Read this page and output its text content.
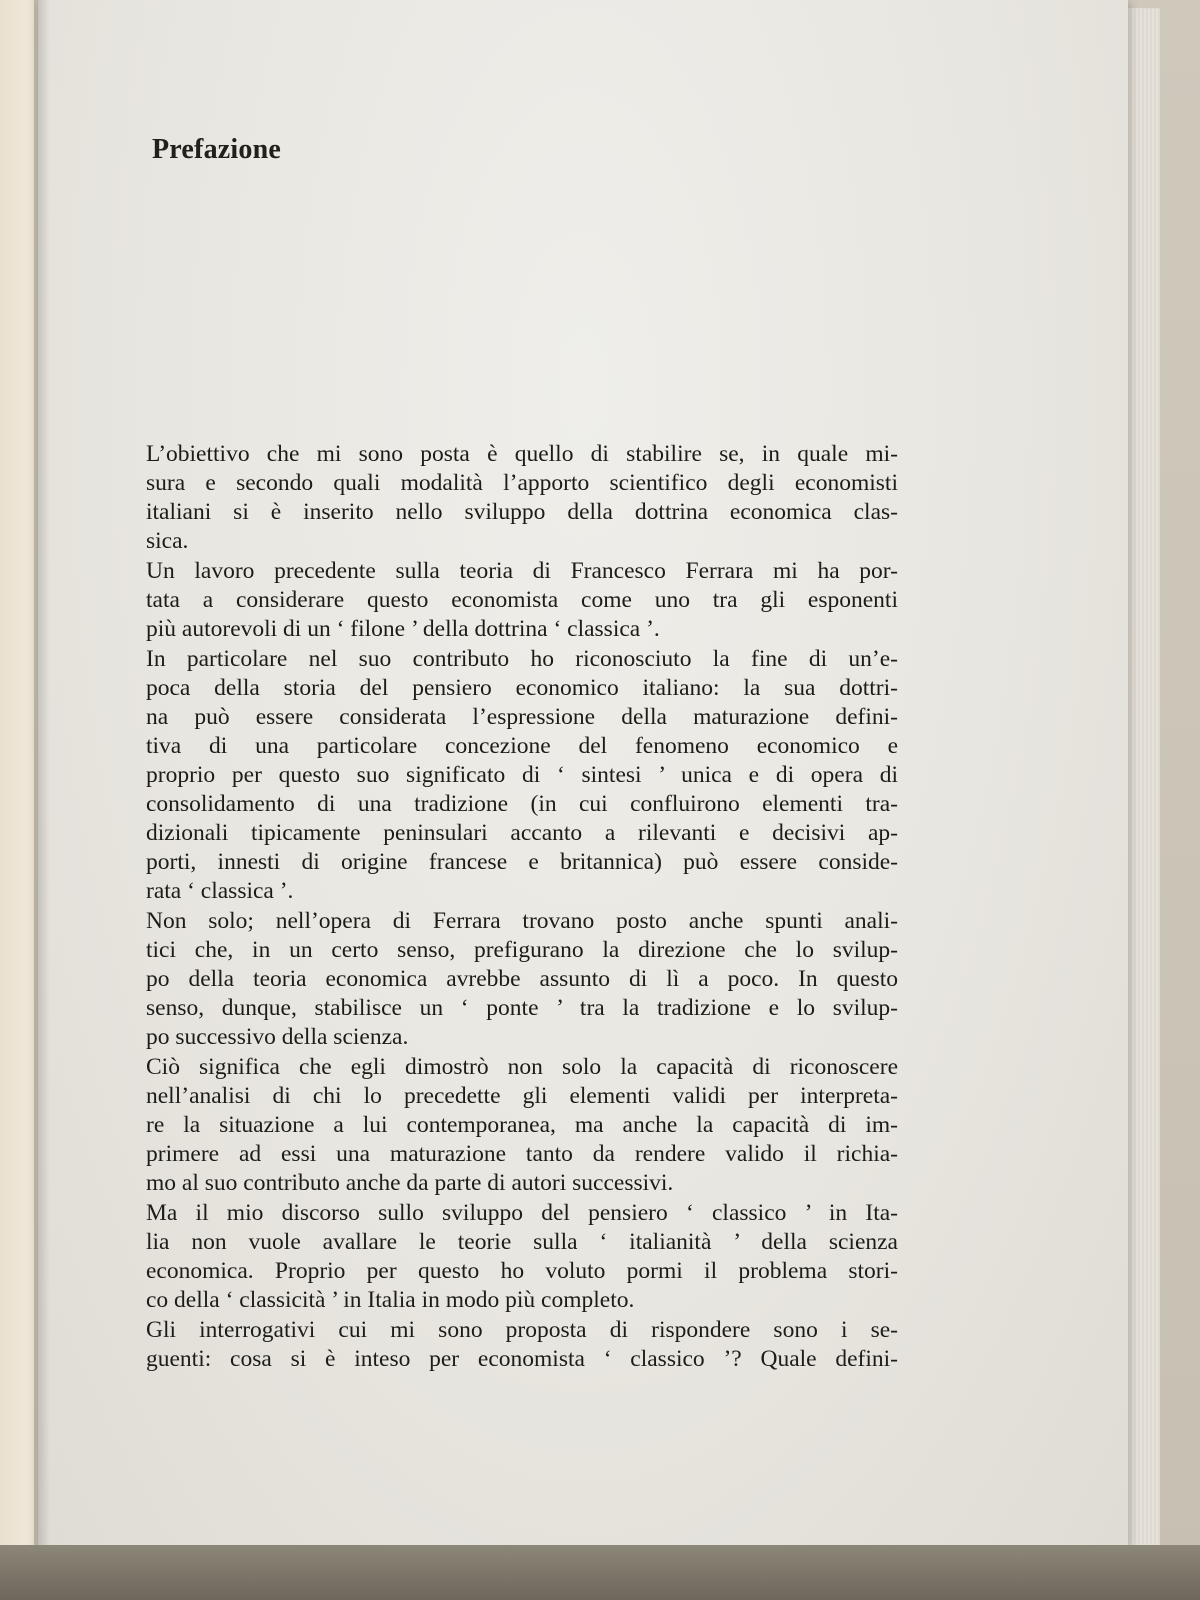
Prefazione
L’obiettivo che mi sono posta è quello di stabilire se, in quale mi-
sura e secondo quali modalità l’apporto scientifico degli economisti
italiani si è inserito nello sviluppo della dottrina economica clas-
sica.
Un lavoro precedente sulla teoria di Francesco Ferrara mi ha por-
tata a considerare questo economista come uno tra gli esponenti
più autorevoli di un ‘ filone ’ della dottrina ‘ classica ’.
In particolare nel suo contributo ho riconosciuto la fine di un’e-
poca della storia del pensiero economico italiano: la sua dottri-
na può essere considerata l’espressione della maturazione defini-
tiva di una particolare concezione del fenomeno economico e
proprio per questo suo significato di ‘ sintesi ’ unica e di opera di
consolidamento di una tradizione (in cui confluirono elementi tra-
dizionali tipicamente peninsulari accanto a rilevanti e decisivi ap-
porti, innesti di origine francese e britannica) può essere conside-
rata ‘ classica ’.
Non solo; nell’opera di Ferrara trovano posto anche spunti anali-
tici che, in un certo senso, prefigurano la direzione che lo svilup-
po della teoria economica avrebbe assunto di lì a poco. In questo
senso, dunque, stabilisce un ‘ ponte ’ tra la tradizione e lo svilup-
po successivo della scienza.
Ciò significa che egli dimostrò non solo la capacità di riconoscere
nell’analisi di chi lo precedette gli elementi validi per interpreta-
re la situazione a lui contemporanea, ma anche la capacità di im-
primere ad essi una maturazione tanto da rendere valido il richia-
mo al suo contributo anche da parte di autori successivi.
Ma il mio discorso sullo sviluppo del pensiero ‘ classico ’ in Ita-
lia non vuole avallare le teorie sulla ‘ italianità ’ della scienza
economica. Proprio per questo ho voluto pormi il problema stori-
co della ‘ classicità ’ in Italia in modo più completo.
Gli interrogativi cui mi sono proposta di rispondere sono i se-
guenti: cosa si è inteso per economista ‘ classico ’? Quale defini-
